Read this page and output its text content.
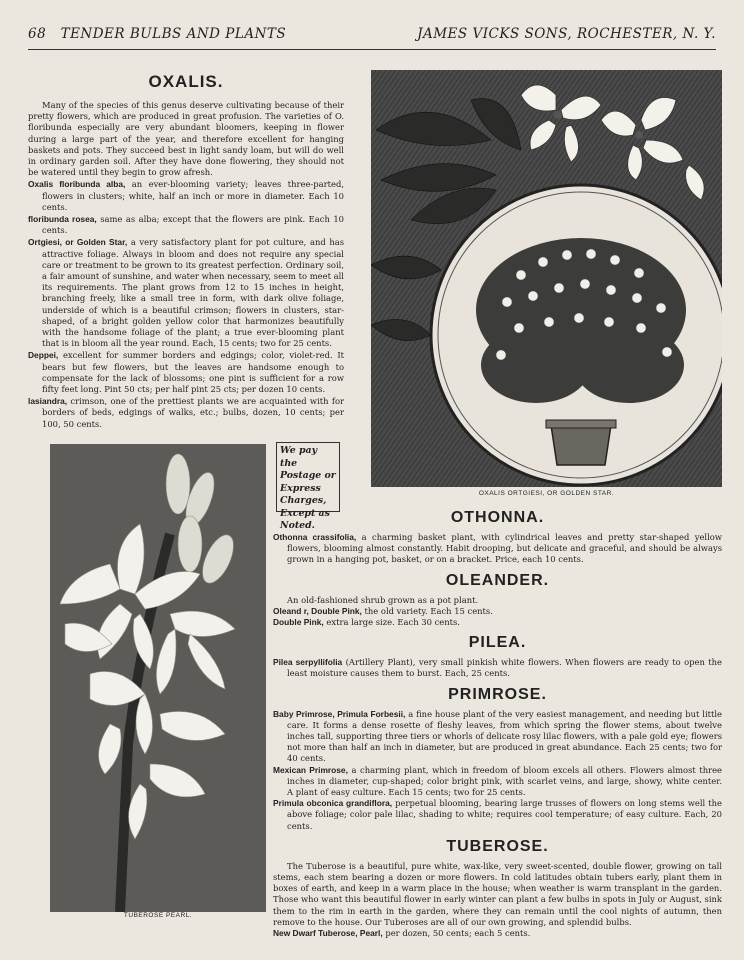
68 TENDER BULBS AND PLANTS	JAMES VICKS SONS, ROCHESTER, N. Y.
OXALIS.

Many of the species of this genus deserve cultivating because of their pretty flowers, which are produced in great profusion. The varieties of O. floribunda especially are very abundant bloomers, keeping in flower during a large part of the year, and therefore excellent for hanging baskets and pots. They succeed best in light sandy loam, but will do well in ordinary garden soil. After they have done flowering, they should not be watered until they begin to grow afresh.

Oxalis floribunda alba, an ever-blooming variety; leaves three-parted, flowers in clusters; white, half an inch or more in diameter. Each 10 cents.

floribunda rosea, same as alba; except that the flowers are pink. Each 10 cents.

Ortgiesi, or Golden Star, a very satisfactory plant for pot culture, and has attractive foliage. Always in bloom and does not require any special care or treatment to be grown to its greatest perfection. Ordinary soil, a fair amount of sunshine, and water when necessary, seem to meet all its requirements. The plant grows from 12 to 15 inches in height, branching freely, like a small tree in form, with dark olive foliage, underside of which is a beautiful crimson; flowers in clusters, star-shaped, of a bright golden yellow color that harmonizes beautifully with the handsome foliage of the plant; a true ever-blooming plant that is in bloom all the year round. Each, 15 cents; two for 25 cents.

Deppei, excellent for summer borders and edgings; color, violet-red. It bears but few flowers, but the leaves are handsome enough to compensate for the lack of blossoms; one pint is sufficient for a row fifty feet long. Pint 50 cts; per half pint 25 cts; per dozen 10 cents.

lasiandra, crimson, one of the prettiest plants we are acquainted with for borders of beds, edgings of walks, etc.; bulbs, dozen, 10 cents; per 100, 50 cents.

OXALIS ORTGIESI, OR GOLDEN STAR.
TUBEROSE PEARL.
We pay the
Postage or
Express
Charges,
Except as
Noted.	OTHONNA.

Othonna crassifolia, a charming basket plant, with cylindrical leaves and pretty star-shaped yellow flowers, blooming almost constantly. Habit drooping, but delicate and graceful, and should be always grown in a hanging pot, basket, or on a bracket. Price, each 10 cents.

OLEANDER.

An old-fashioned shrub grown as a pot plant.

Oleand r, Double Pink, the old variety. Each 15 cents.

Double Pink, extra large size. Each 30 cents.

PILEA.

Pilea serpyllifolia (Artillery Plant), very small pinkish white flowers. When flowers are ready to open the least moisture causes them to burst. Each, 25 cents.

PRIMROSE.

Baby Primrose, Primula Forbesii, a fine house plant of the very easiest management, and needing but little care. It forms a dense rosette of fleshy leaves, from which spring the flower stems, about twelve inches tall, supporting three tiers or whorls of delicate rosy lilac flowers, with a pale gold eye; flowers not more than half an inch in diameter, but are produced in great abundance. Each 25 cents; two for 40 cents.

Mexican Primrose, a charming plant, which in freedom of bloom excels all others. Flowers almost three inches in diameter, cup-shaped; color bright pink, with scarlet veins, and large, showy, white center. A plant of easy culture. Each 15 cents; two for 25 cents.

Primula obconica grandiflora, perpetual blooming, bearing large trusses of flowers on long stems well the above foliage; color pale lilac, shading to white; requires cool temperature; of easy culture. Each, 20 cents.

TUBEROSE.

The Tuberose is a beautiful, pure white, wax-like, very sweet-scented, double flower, growing on tall stems, each stem bearing a dozen or more flowers. In cold latitudes obtain tubers early, plant them in boxes of earth, and keep in a warm place in the house; when weather is warm transplant in the garden. Those who want this beautiful flower in early winter can plant a few bulbs in spots in July or August, sink them to the rim in earth in the garden, where they can remain until the cool nights of autumn, then remove to the house. Our Tuberoses are all of our own growing, and splendid bulbs.

New Dwarf Tuberose, Pearl, per dozen, 50 cents; each 5 cents.
